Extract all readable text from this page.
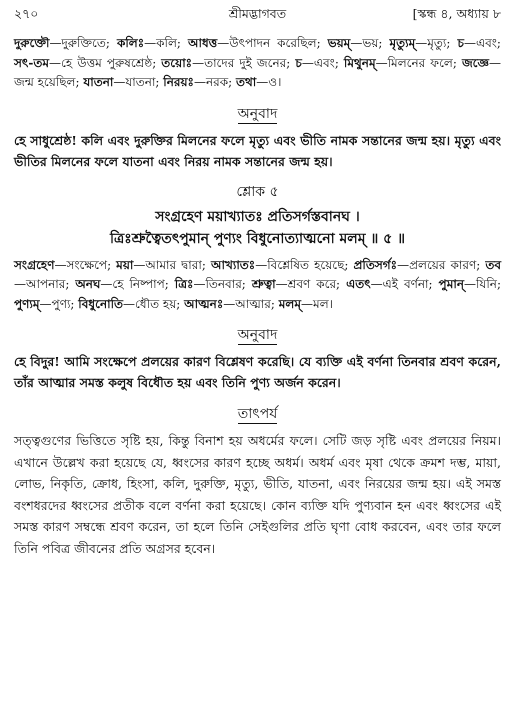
২৭০	শ্রীমদ্ভাগবত	[স্কন্ধ ৪, অধ্যায় ৮

দুরুক্তৌ—দুরুক্তিতে; কলিঃ—কলি; আধত্ত—উৎপাদন করেছিল; ভয়ম্—ভয়; মৃত্যুম্—মৃত্যু; চ—এবং; সৎ-তম—হে উত্তম পুরুষশ্রেষ্ঠ; তয়োঃ—তাদের দুই জনের; চ—এবং; মিথুনম্—মিলনের ফলে; জজ্ঞে—জন্ম হয়েছিল; যাতনা—যাতনা; নিরয়ঃ—নরক; তথা—ও।

অনুবাদ

হে সাধুশ্রেষ্ঠ! কলি এবং দুরুক্তির মিলনের ফলে মৃত্যু এবং ভীতি নামক সন্তানের জন্ম হয়। মৃত্যু এবং ভীতির মিলনের ফলে যাতনা এবং নিরয় নামক সন্তানের জন্ম হয়।

শ্লোক ৫
সংগ্রহেণ ময়াখ্যাতঃ প্রতিসর্গস্তবানঘ ।
ত্রিঃশ্রুত্বৈতৎপুমান্ পুণ্যং বিধুনোত্যাত্মনো মলম্ ॥ ৫ ॥

সংগ্রহেণ—সংক্ষেপে; ময়া—আমার দ্বারা; আখ্যাতঃ—বিশ্লেষিত হয়েছে; প্রতিসর্গঃ—প্রলয়ের কারণ; তব—আপনার; অনঘ—হে নিষ্পাপ; ত্রিঃ—তিনবার; শ্রুত্বা—শ্রবণ করে; এতৎ—এই বর্ণনা; পুমান্—যিনি; পুণ্যম্—পুণ্য; বিধুনোতি—ধৌত হয়; আত্মনঃ—আত্মার; মলম্—মল।

অনুবাদ

হে বিদুর! আমি সংক্ষেপে প্রলয়ের কারণ বিশ্লেষণ করেছি। যে ব্যক্তি এই বর্ণনা তিনবার শ্রবণ করেন, তাঁর আত্মার সমস্ত কলুষ বিধৌত হয় এবং তিনি পুণ্য অর্জন করেন।

তাৎপর্য

সত্ত্বগুণের ভিত্তিতে সৃষ্টি হয়, কিন্তু বিনাশ হয় অধর্মের ফলে। সেটি জড় সৃষ্টি এবং প্রলয়ের নিয়ম। এখানে উল্লেখ করা হয়েছে যে, ধ্বংসের কারণ হচ্ছে অধর্ম। অধর্ম এবং মৃষা থেকে ক্রমশ দম্ভ, মায়া, লোভ, নিকৃতি, ক্রোধ, হিংসা, কলি, দুরুক্তি, মৃত্যু, ভীতি, যাতনা, এবং নিরয়ের জন্ম হয়। এই সমস্ত বংশধরদের ধ্বংসের প্রতীক বলে বর্ণনা করা হয়েছে। কোন ব্যক্তি যদি পুণ্যবান হন এবং ধ্বংসের এই সমস্ত কারণ সম্বন্ধে শ্রবণ করেন, তা হলে তিনি সেইগুলির প্রতি ঘৃণা বোধ করবেন, এবং তার ফলে তিনি পবিত্র জীবনের প্রতি অগ্রসর হবেন।
